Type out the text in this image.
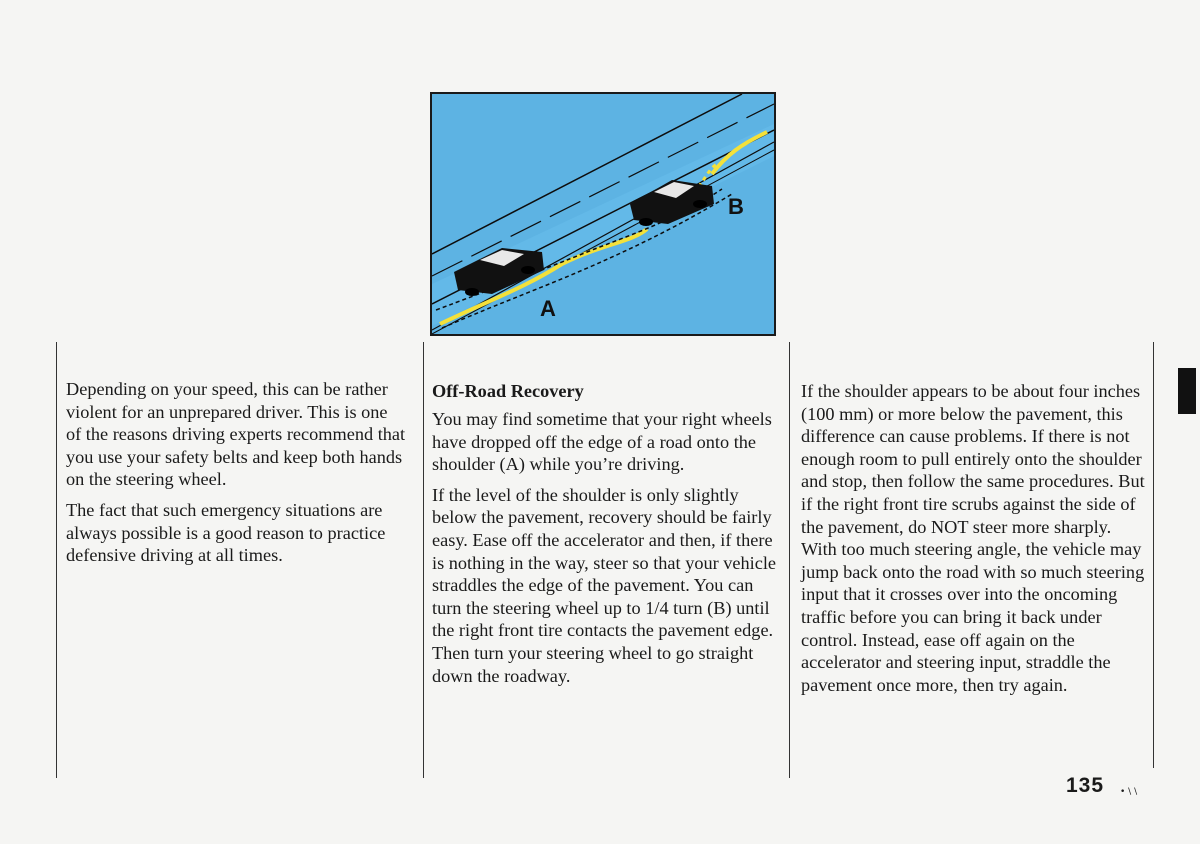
A
B

Depending on your speed, this can be rather violent for an unprepared driver. This is one of the reasons driving experts recommend that you use your safety belts and keep both hands on the steering wheel.

The fact that such emergency situations are always possible is a good reason to practice defensive driving at all times.

Off-Road Recovery

You may find sometime that your right wheels have dropped off the edge of a road onto the shoulder (A) while you’re driving.

If the level of the shoulder is only slightly below the pavement, recovery should be fairly easy. Ease off the accelerator and then, if there is nothing in the way, steer so that your vehicle straddles the edge of the pavement. You can turn the steering wheel up to 1/4 turn (B) until the right front tire contacts the pavement edge. Then turn your steering wheel to go straight down the roadway.

If the shoulder appears to be about four inches (100 mm) or more below the pavement, this difference can cause problems. If there is not enough room to pull entirely onto the shoulder and stop, then follow the same procedures. But if the right front tire scrubs against the side of the pavement, do NOT steer more sharply. With too much steering angle, the vehicle may jump back onto the road with so much steering input that it crosses over into the oncoming traffic before you can bring it back under control. Instead, ease off again on the accelerator and steering input, straddle the pavement once more, then try again.

135 • \ \
